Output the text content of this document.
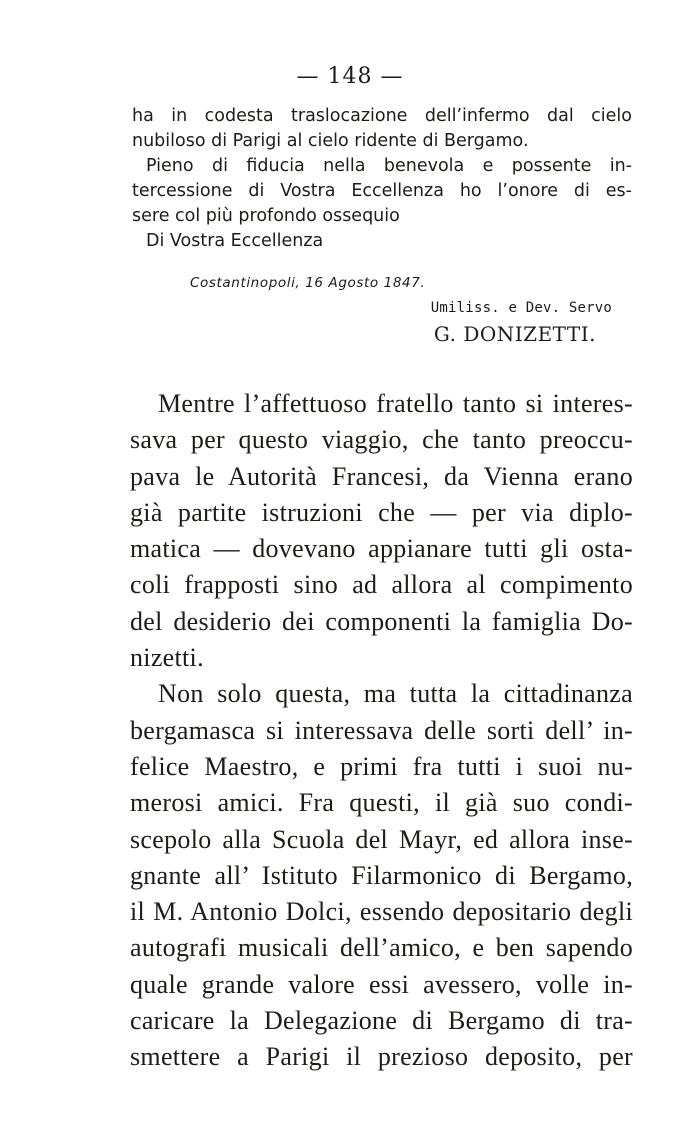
— 148 —

ha in codesta traslocazione dell’infermo dal cielo

nubiloso di Parigi al cielo ridente di Bergamo.

Pieno di fiducia nella benevola e possente in-

tercessione di Vostra Eccellenza ho l’onore di es-

sere col più profondo ossequio

Di Vostra Eccellenza

Costantinopoli, 16 Agosto 1847.
Umiliss. e Dev. Servo
G. DONIZETTI.

Mentre l’affettuoso fratello tanto si interes-
sava per questo viaggio, che tanto preoccu-
pava le Autorità Francesi, da Vienna erano
già partite istruzioni che — per via diplo-
matica — dovevano appianare tutti gli osta-
coli frapposti sino ad allora al compimento
del desiderio dei componenti la famiglia Do-
nizetti.

Non solo questa, ma tutta la cittadinanza
bergamasca si interessava delle sorti dell’ in-
felice Maestro, e primi fra tutti i suoi nu-
merosi amici. Fra questi, il già suo condi-
scepolo alla Scuola del Mayr, ed allora inse-
gnante all’ Istituto Filarmonico di Bergamo,
il M. Antonio Dolci, essendo depositario degli
autografi musicali dell’amico, e ben sapendo
quale grande valore essi avessero, volle in-
caricare la Delegazione di Bergamo di tra-
smettere a Parigi il prezioso deposito, per
